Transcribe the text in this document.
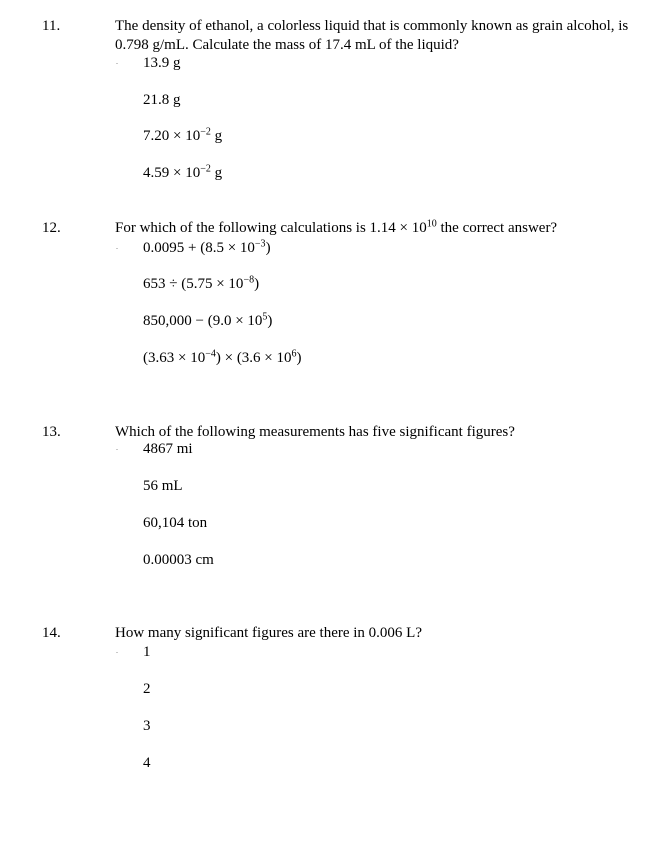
11.	The density of ethanol, a colorless liquid that is commonly known as grain alcohol, is 0.798 g/mL. Calculate the mass of 17.4 mL of the liquid?
13.9 g
21.8 g
$7.20 \times 10^{-2}$ g
$4.59 \times 10^{-2}$ g
12.	For which of the following calculations is $1.14 \times 10^{10}$ the correct answer?
$0.0095 + (8.5 \times 10^{-3})$
$653 \div (5.75 \times 10^{-8})$
$850,000 - (9.0 \times 10^5)$
$(3.63 \times 10^{-4}) \times (3.6 \times 10^6)$
13.	Which of the following measurements has five significant figures?
4867 mi
56 mL
60,104 ton
0.00003 cm
14.	How many significant figures are there in 0.006 L?
1
2
3
4
